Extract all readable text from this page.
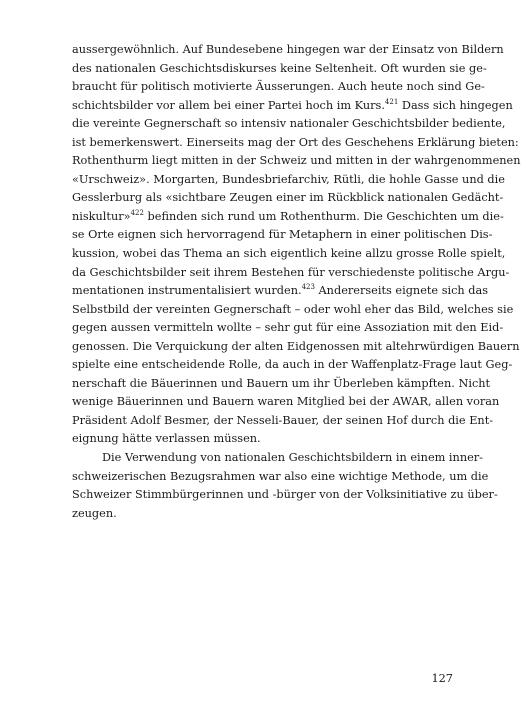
aussergewöhnlich. Auf Bundesebene hingegen war der Einsatz von Bildern
des nationalen Geschichtsdiskurses keine Seltenheit. Oft wurden sie ge-
braucht für politisch motivierte Äusserungen. Auch heute noch sind Ge-
schichtsbilder vor allem bei einer Partei hoch im Kurs.$^{421}$ Dass sich hingegen
die vereinte Gegnerschaft so intensiv nationaler Geschichtsbilder bediente,
ist bemerkenswert. Einerseits mag der Ort des Geschehens Erklärung bieten:
Rothenthurm liegt mitten in der Schweiz und mitten in der wahrgenommenen
«Urschweiz». Morgarten, Bundesbriefarchiv, Rütli, die hohle Gasse und die
Gesslerburg als «sichtbare Zeugen einer im Rückblick nationalen Gedächt-
niskultur»$^{422}$ befinden sich rund um Rothenthurm. Die Geschichten um die-
se Orte eignen sich hervorragend für Metaphern in einer politischen Dis-
kussion, wobei das Thema an sich eigentlich keine allzu grosse Rolle spielt,
da Geschichtsbilder seit ihrem Bestehen für verschiedenste politische Argu-
mentationen instrumentalisiert wurden.$^{423}$ Andererseits eignete sich das
Selbstbild der vereinten Gegnerschaft – oder wohl eher das Bild, welches sie
gegen aussen vermitteln wollte – sehr gut für eine Assoziation mit den Eid-
genossen. Die Verquickung der alten Eidgenossen mit altehrwürdigen Bauern
spielte eine entscheidende Rolle, da auch in der Waffenplatz-Frage laut Geg-
nerschaft die Bäuerinnen und Bauern um ihr Überleben kämpften. Nicht
wenige Bäuerinnen und Bauern waren Mitglied bei der AWAR, allen voran
Präsident Adolf Besmer, der Nesseli-Bauer, der seinen Hof durch die Ent-
eignung hätte verlassen müssen.
Die Verwendung von nationalen Geschichtsbildern in einem inner-
schweizerischen Bezugsrahmen war also eine wichtige Methode, um die
Schweizer Stimmbürgerinnen und -bürger von der Volksinitiative zu über-
zeugen.
127
